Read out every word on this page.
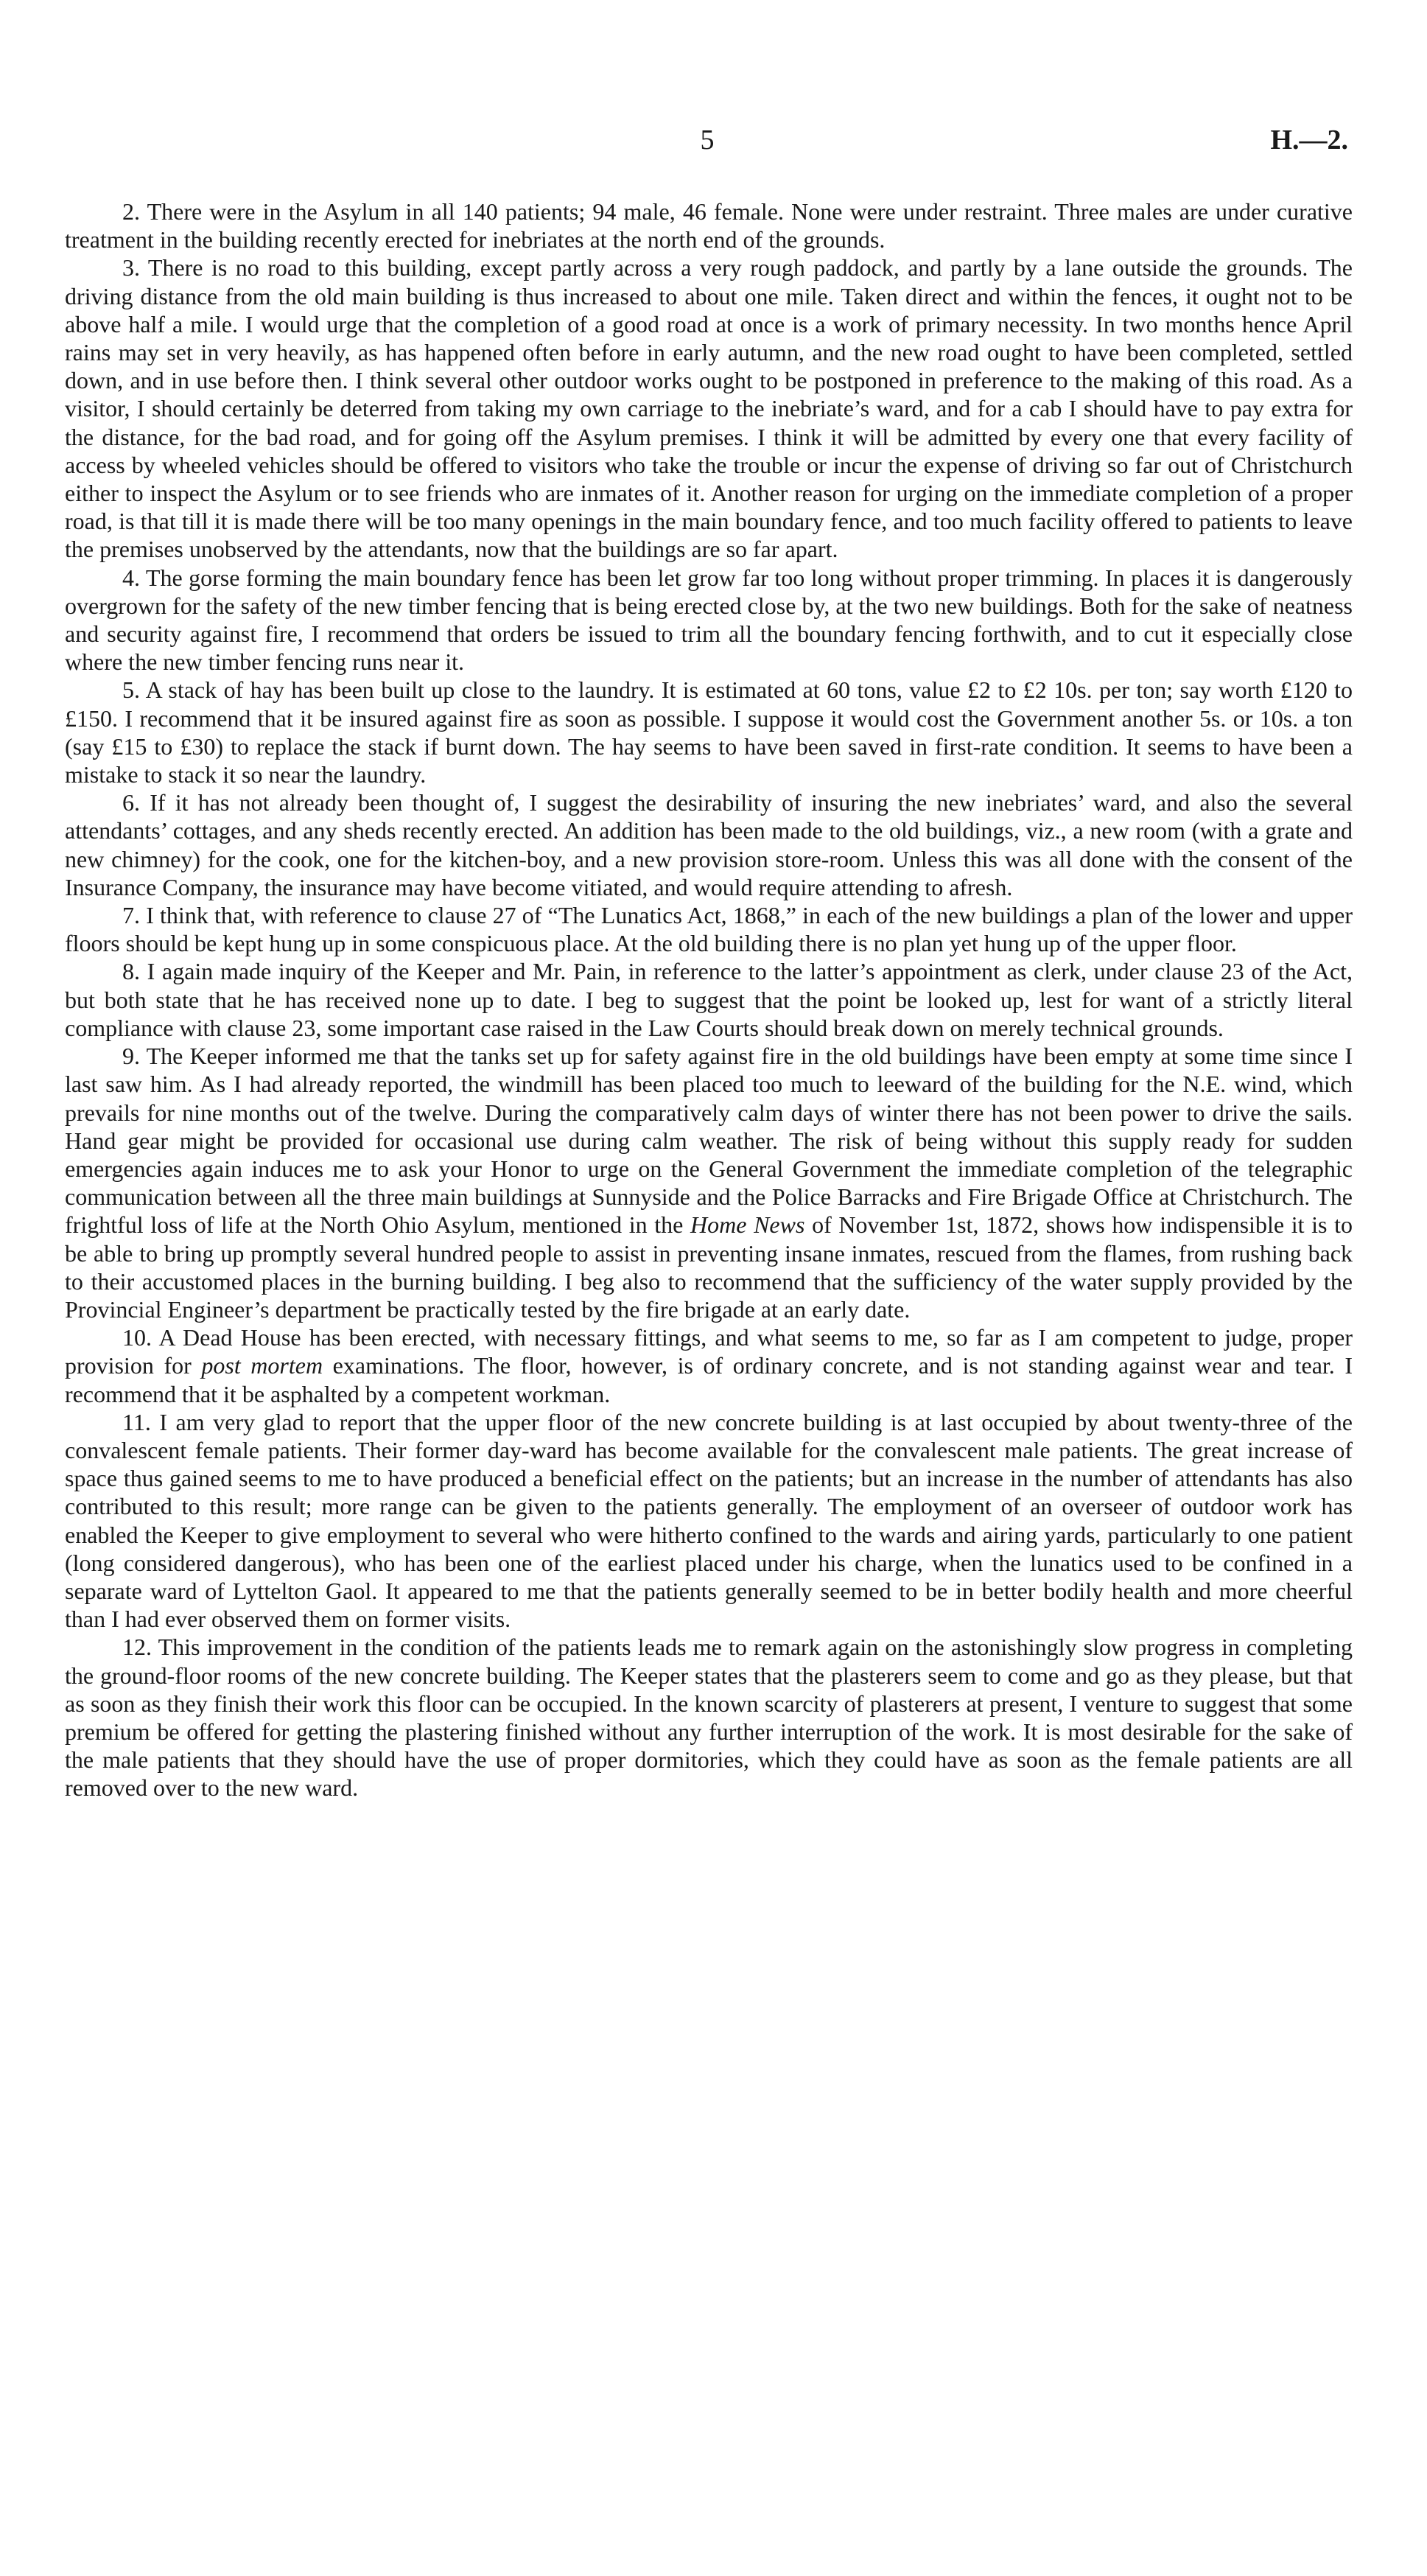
5	H.—2.

2. There were in the Asylum in all 140 patients; 94 male, 46 female. None were under restraint. Three males are under curative treatment in the building recently erected for inebriates at the north end of the grounds.

3. There is no road to this building, except partly across a very rough paddock, and partly by a lane outside the grounds. The driving distance from the old main building is thus increased to about one mile. Taken direct and within the fences, it ought not to be above half a mile. I would urge that the completion of a good road at once is a work of primary necessity. In two months hence April rains may set in very heavily, as has happened often before in early autumn, and the new road ought to have been completed, settled down, and in use before then. I think several other outdoor works ought to be postponed in preference to the making of this road. As a visitor, I should certainly be deterred from taking my own carriage to the inebriate’s ward, and for a cab I should have to pay extra for the distance, for the bad road, and for going off the Asylum premises. I think it will be admitted by every one that every facility of access by wheeled vehicles should be offered to visitors who take the trouble or incur the expense of driving so far out of Christchurch either to inspect the Asylum or to see friends who are inmates of it. Another reason for urging on the immediate completion of a proper road, is that till it is made there will be too many openings in the main boundary fence, and too much facility offered to patients to leave the premises unobserved by the attendants, now that the buildings are so far apart.

4. The gorse forming the main boundary fence has been let grow far too long without proper trimming. In places it is dangerously overgrown for the safety of the new timber fencing that is being erected close by, at the two new buildings. Both for the sake of neatness and security against fire, I recommend that orders be issued to trim all the boundary fencing forthwith, and to cut it especially close where the new timber fencing runs near it.

5. A stack of hay has been built up close to the laundry. It is estimated at 60 tons, value £2 to £2 10s. per ton; say worth £120 to £150. I recommend that it be insured against fire as soon as possible. I suppose it would cost the Government another 5s. or 10s. a ton (say £15 to £30) to replace the stack if burnt down. The hay seems to have been saved in first-rate condition. It seems to have been a mistake to stack it so near the laundry.

6. If it has not already been thought of, I suggest the desirability of insuring the new inebriates’ ward, and also the several attendants’ cottages, and any sheds recently erected. An addition has been made to the old buildings, viz., a new room (with a grate and new chimney) for the cook, one for the kitchen-boy, and a new provision store-room. Unless this was all done with the consent of the Insurance Company, the insurance may have become vitiated, and would require attending to afresh.

7. I think that, with reference to clause 27 of “The Lunatics Act, 1868,” in each of the new buildings a plan of the lower and upper floors should be kept hung up in some conspicuous place. At the old building there is no plan yet hung up of the upper floor.

8. I again made inquiry of the Keeper and Mr. Pain, in reference to the latter’s appointment as clerk, under clause 23 of the Act, but both state that he has received none up to date. I beg to suggest that the point be looked up, lest for want of a strictly literal compliance with clause 23, some important case raised in the Law Courts should break down on merely technical grounds.

9. The Keeper informed me that the tanks set up for safety against fire in the old buildings have been empty at some time since I last saw him. As I had already reported, the windmill has been placed too much to leeward of the building for the N.E. wind, which prevails for nine months out of the twelve. During the comparatively calm days of winter there has not been power to drive the sails. Hand gear might be provided for occasional use during calm weather. The risk of being without this supply ready for sudden emergencies again induces me to ask your Honor to urge on the General Government the immediate completion of the telegraphic communication between all the three main buildings at Sunnyside and the Police Barracks and Fire Brigade Office at Christchurch. The frightful loss of life at the North Ohio Asylum, mentioned in the Home News of November 1st, 1872, shows how indispensible it is to be able to bring up promptly several hundred people to assist in preventing insane inmates, rescued from the flames, from rushing back to their accustomed places in the burning building. I beg also to recommend that the sufficiency of the water supply provided by the Provincial Engineer’s department be practically tested by the fire brigade at an early date.

10. A Dead House has been erected, with necessary fittings, and what seems to me, so far as I am competent to judge, proper provision for post mortem examinations. The floor, however, is of ordinary concrete, and is not standing against wear and tear. I recommend that it be asphalted by a competent workman.

11. I am very glad to report that the upper floor of the new concrete building is at last occupied by about twenty-three of the convalescent female patients. Their former day-ward has become available for the convalescent male patients. The great increase of space thus gained seems to me to have produced a beneficial effect on the patients; but an increase in the number of attendants has also contributed to this result; more range can be given to the patients generally. The employment of an overseer of outdoor work has enabled the Keeper to give employment to several who were hitherto confined to the wards and airing yards, particularly to one patient (long considered dangerous), who has been one of the earliest placed under his charge, when the lunatics used to be confined in a separate ward of Lyttelton Gaol. It appeared to me that the patients generally seemed to be in better bodily health and more cheerful than I had ever observed them on former visits.

12. This improvement in the condition of the patients leads me to remark again on the astonishingly slow progress in completing the ground-floor rooms of the new concrete building. The Keeper states that the plasterers seem to come and go as they please, but that as soon as they finish their work this floor can be occupied. In the known scarcity of plasterers at present, I venture to suggest that some premium be offered for getting the plastering finished without any further interruption of the work. It is most desirable for the sake of the male patients that they should have the use of proper dormitories, which they could have as soon as the female patients are all removed over to the new ward.
